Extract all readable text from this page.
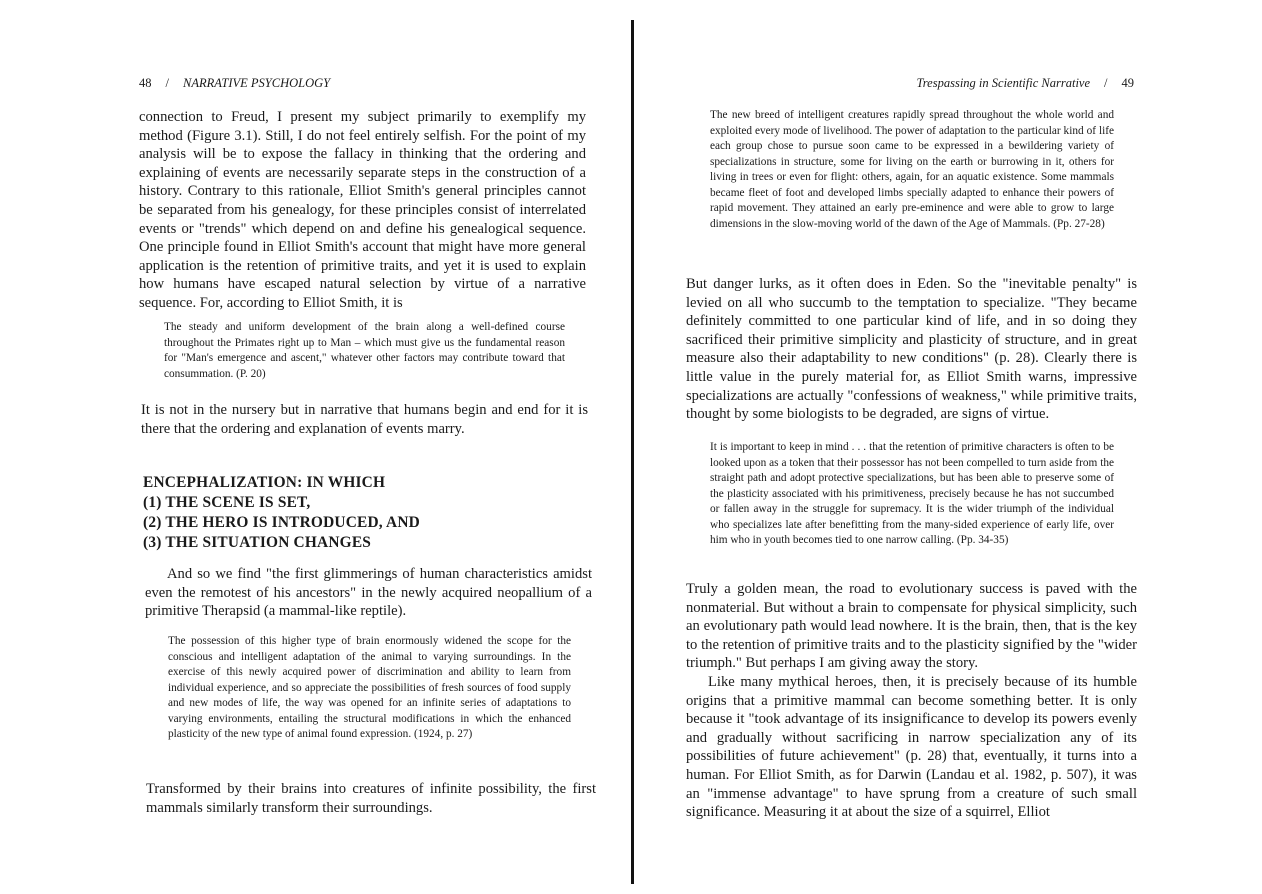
48 / NARRATIVE PSYCHOLOGY

connection to Freud, I present my subject primarily to exemplify my method (Figure 3.1). Still, I do not feel entirely selfish. For the point of my analysis will be to expose the fallacy in thinking that the ordering and explaining of events are necessarily separate steps in the construction of a history. Contrary to this rationale, Elliot Smith's general principles cannot be separated from his genealogy, for these principles consist of interrelated events or "trends" which depend on and define his genealogical sequence. One principle found in Elliot Smith's account that might have more general application is the retention of primitive traits, and yet it is used to explain how humans have escaped natural selection by virtue of a narrative sequence. For, according to Elliot Smith, it is

The steady and uniform development of the brain along a well-defined course throughout the Primates right up to Man – which must give us the fundamental reason for "Man's emergence and ascent," whatever other factors may contribute toward that consummation. (P. 20)

It is not in the nursery but in narrative that humans begin and end for it is there that the ordering and explanation of events marry.

ENCEPHALIZATION: IN WHICH
(1) THE SCENE IS SET,
(2) THE HERO IS INTRODUCED, AND
(3) THE SITUATION CHANGES

And so we find "the first glimmerings of human characteristics amidst even the remotest of his ancestors" in the newly acquired neopallium of a primitive Therapsid (a mammal-like reptile).

The possession of this higher type of brain enormously widened the scope for the conscious and intelligent adaptation of the animal to varying surroundings. In the exercise of this newly acquired power of discrimination and ability to learn from individual experience, and so appreciate the possibilities of fresh sources of food supply and new modes of life, the way was opened for an infinite series of adaptations to varying environments, entailing the structural modifications in which the enhanced plasticity of the new type of animal found expression. (1924, p. 27)

Transformed by their brains into creatures of infinite possibility, the first mammals similarly transform their surroundings.

Trespassing in Scientific Narrative / 49

The new breed of intelligent creatures rapidly spread throughout the whole world and exploited every mode of livelihood. The power of adaptation to the particular kind of life each group chose to pursue soon came to be expressed in a bewildering variety of specializations in structure, some for living on the earth or burrowing in it, others for living in trees or even for flight: others, again, for an aquatic existence. Some mammals became fleet of foot and developed limbs specially adapted to enhance their powers of rapid movement. They attained an early pre-eminence and were able to grow to large dimensions in the slow-moving world of the dawn of the Age of Mammals. (Pp. 27-28)

But danger lurks, as it often does in Eden. So the "inevitable penalty" is levied on all who succumb to the temptation to specialize. "They became definitely committed to one particular kind of life, and in so doing they sacrificed their primitive simplicity and plasticity of structure, and in great measure also their adaptability to new conditions" (p. 28). Clearly there is little value in the purely material for, as Elliot Smith warns, impressive specializations are actually "confessions of weakness," while primitive traits, thought by some biologists to be degraded, are signs of virtue.

It is important to keep in mind . . . that the retention of primitive characters is often to be looked upon as a token that their possessor has not been compelled to turn aside from the straight path and adopt protective specializations, but has been able to preserve some of the plasticity associated with his primitiveness, precisely because he has not succumbed or fallen away in the struggle for supremacy. It is the wider triumph of the individual who specializes late after benefitting from the many-sided experience of early life, over him who in youth becomes tied to one narrow calling. (Pp. 34-35)

Truly a golden mean, the road to evolutionary success is paved with the nonmaterial. But without a brain to compensate for physical simplicity, such an evolutionary path would lead nowhere. It is the brain, then, that is the key to the retention of primitive traits and to the plasticity signified by the "wider triumph." But perhaps I am giving away the story.

Like many mythical heroes, then, it is precisely because of its humble origins that a primitive mammal can become something better. It is only because it "took advantage of its insignificance to develop its powers evenly and gradually without sacrificing in narrow specialization any of its possibilities of future achievement" (p. 28) that, eventually, it turns into a human. For Elliot Smith, as for Darwin (Landau et al. 1982, p. 507), it was an "immense advantage" to have sprung from a creature of such small significance. Measuring it at about the size of a squirrel, Elliot
